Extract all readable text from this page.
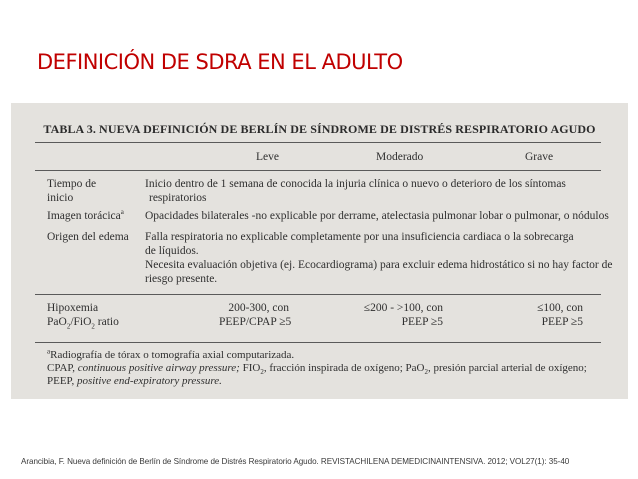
DEFINICIÓN DE SDRA EN EL ADULTO
TABLA 3. NUEVA DEFINICIÓN DE BERLÍN DE SÍNDROME DE DISTRÉS RESPIRATORIO AGUDO
Leve	Moderado	Grave
Tiempo de
inicio
Inicio dentro de 1 semana de conocida la injuria clínica o nuevo o deterioro de los síntomas
respiratorios
Imagen torácica$^a$ Opacidades bilaterales -no explicable por derrame, atelectasia pulmonar lobar o pulmonar, o nódulos
Origen del edema Falla respiratoria no explicable completamente por una insuficiencia cardiaca o la sobrecarga
de líquidos.
Necesita evaluación objetiva (ej. Ecocardiograma) para excluir edema hidrostático si no hay factor de
riesgo presente.
Hipoxemia
PaO$_2$/FiO$_2$ ratio
200-300, con
PEEP/CPAP ≥5
≤200 - >100, con
PEEP ≥5
≤100, con
PEEP ≥5
$^a$Radiografía de tórax o tomografía axial computarizada.
CPAP, continuous positive airway pressure; $FIO_2$, fracción inspirada de oxígeno; PaO$_2$, presión parcial arterial de oxígeno;
PEEP, positive end-expiratory pressure.

Arancibia, F. Nueva definición de Berlín de Síndrome de Distrés Respiratorio Agudo. REVISTACHILENA DEMEDICINAINTENSIVA. 2012; VOL27(1): 35-40
